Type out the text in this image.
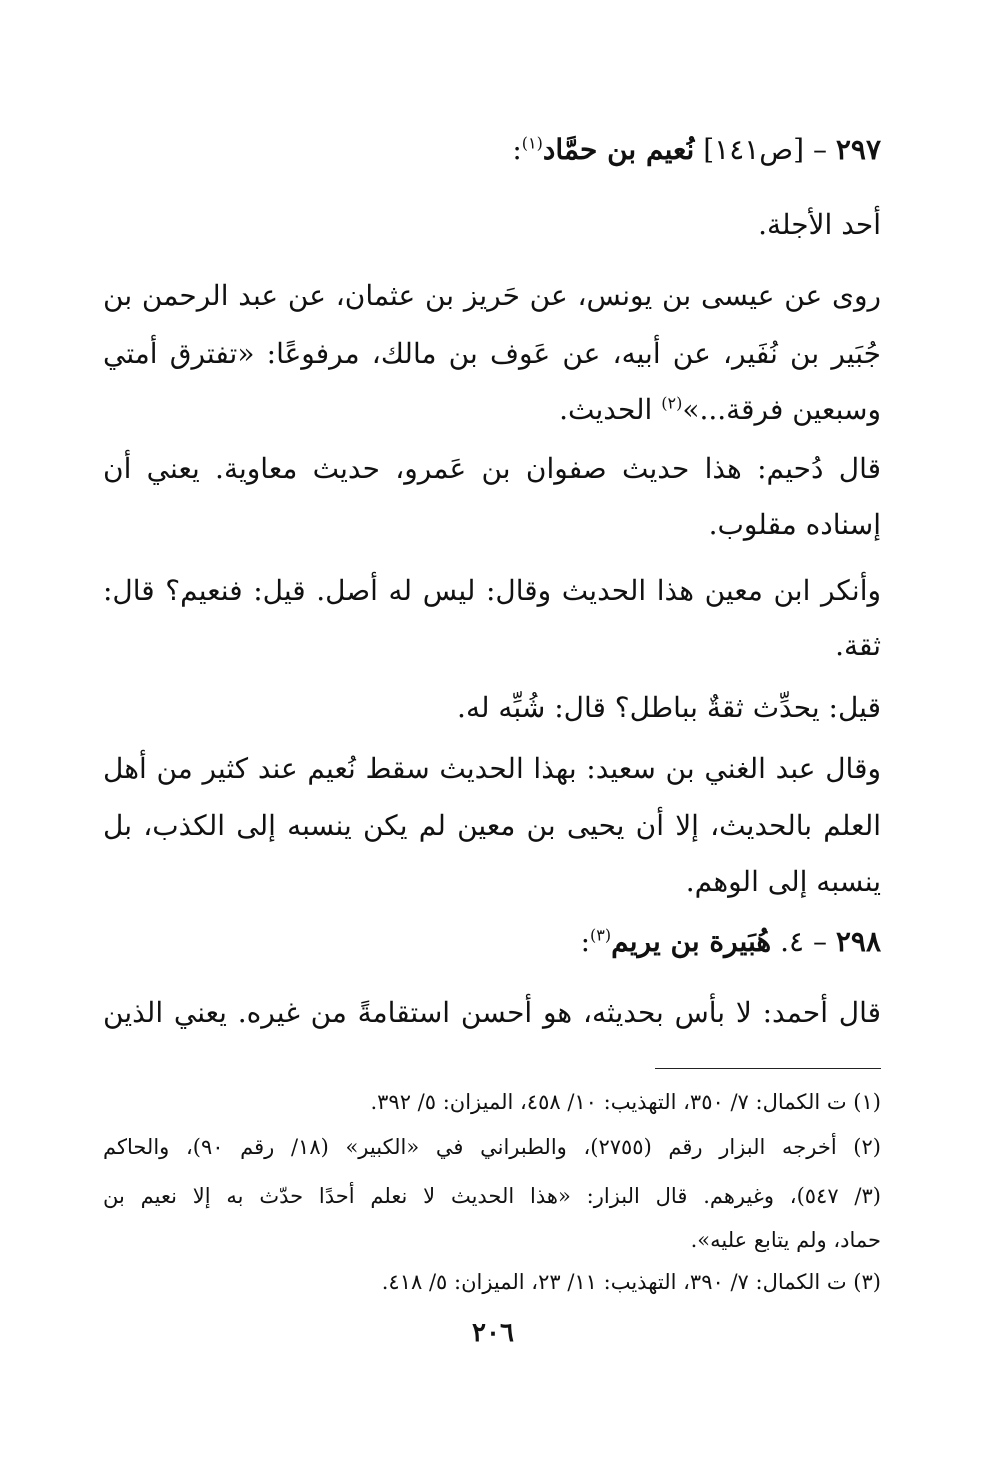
٢٩٧ – [ص١٤١] نُعيم بن حمَّاد$^{(١)}$:
أحد الأجلة.
روى عن عيسى بن يونس، عن حَريز بن عثمان، عن عبد الرحمن بن
جُبَير بن نُفَير، عن أبيه، عن عَوف بن مالك، مرفوعًا: «تفترق أمتي
وسبعين فرقة...»$^{(٢)}$ الحديث.
قال دُحيم: هذا حديث صفوان بن عَمرو، حديث معاوية. يعني أن
إسناده مقلوب.
وأنكر ابن معين هذا الحديث وقال: ليس له أصل. قيل: فنعيم؟ قال:
ثقة.
قيل: يحدِّث ثقةٌ بباطل؟ قال: شُبِّه له.
وقال عبد الغني بن سعيد: بهذا الحديث سقط نُعيم عند كثير من أهل
العلم بالحديث، إلا أن يحيى بن معين لم يكن ينسبه إلى الكذب، بل
ينسبه إلى الوهم.
٢٩٨ – ٤. هُبَيرة بن يريم$^{(٣)}$:
قال أحمد: لا بأس بحديثه، هو أحسن استقامةً من غيره. يعني الذين
(١) ت الكمال: ٧/ ٣٥٠، التهذيب: ١٠/ ٤٥٨، الميزان: ٥/ ٣٩٢.
(٢) أخرجه البزار رقم (٢٧٥٥)، والطبراني في «الكبير» (١٨/ رقم ٩٠)، والحاكم
(٣/ ٥٤٧)، وغيرهم. قال البزار: «هذا الحديث لا نعلم أحدًا حدّث به إلا نعيم بن
حماد، ولم يتابع عليه».
(٣) ت الكمال: ٧/ ٣٩٠، التهذيب: ١١/ ٢٣، الميزان: ٥/ ٤١٨.
٢٠٦
